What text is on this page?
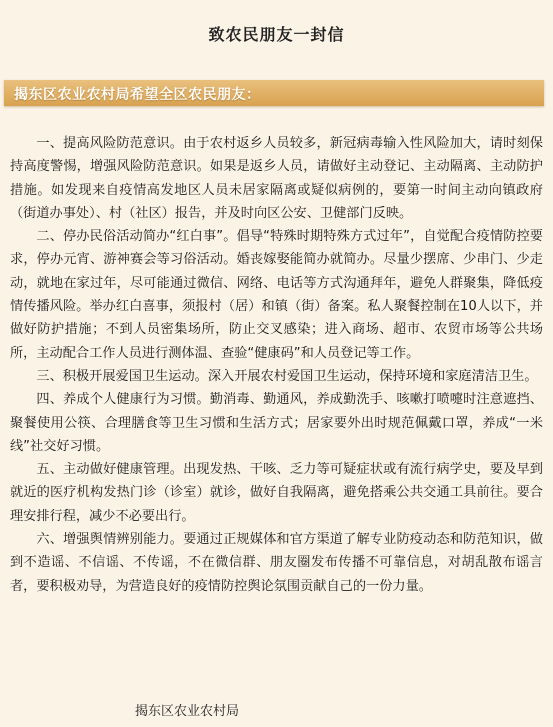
致农民朋友一封信
揭东区农业农村局希望全区农民朋友：

一、提高风险防范意识。由于农村返乡人员较多，新冠病毒输入性风险加大，请时刻保持高度警惕，增强风险防范意识。如果是返乡人员，请做好主动登记、主动隔离、主动防护措施。如发现来自疫情高发地区人员未居家隔离或疑似病例的，要第一时间主动向镇政府（街道办事处）、村（社区）报告，并及时向区公安、卫健部门反映。

二、停办民俗活动简办“红白事”。倡导“特殊时期特殊方式过年”，自觉配合疫情防控要求，停办元宵、游神赛会等习俗活动。婚丧嫁娶能简办就简办。尽量少摆席、少串门、少走动，就地在家过年，尽可能通过微信、网络、电话等方式沟通拜年，避免人群聚集，降低疫情传播风险。举办红白喜事，须报村（居）和镇（街）备案。私人聚餐控制在10人以下，并做好防护措施；不到人员密集场所，防止交叉感染；进入商场、超市、农贸市场等公共场所，主动配合工作人员进行测体温、查验“健康码”和人员登记等工作。

三、积极开展爱国卫生运动。深入开展农村爱国卫生运动，保持环境和家庭清洁卫生。

四、养成个人健康行为习惯。勤消毒、勤通风，养成勤洗手、咳嗽打喷嚏时注意遮挡、聚餐使用公筷、合理膳食等卫生习惯和生活方式；居家要外出时规范佩戴口罩，养成“一米线”社交好习惯。

五、主动做好健康管理。出现发热、干咳、乏力等可疑症状或有流行病学史，要及早到就近的医疗机构发热门诊（诊室）就诊，做好自我隔离，避免搭乘公共交通工具前往。要合理安排行程，减少不必要出行。

六、增强舆情辨别能力。要通过正规媒体和官方渠道了解专业防疫动态和防范知识，做到不造谣、不信谣、不传谣，不在微信群、朋友圈发布传播不可靠信息，对胡乱散布谣言者，要积极劝导，为营造良好的疫情防控舆论氛围贡献自己的一份力量。

揭东区农业农村局
